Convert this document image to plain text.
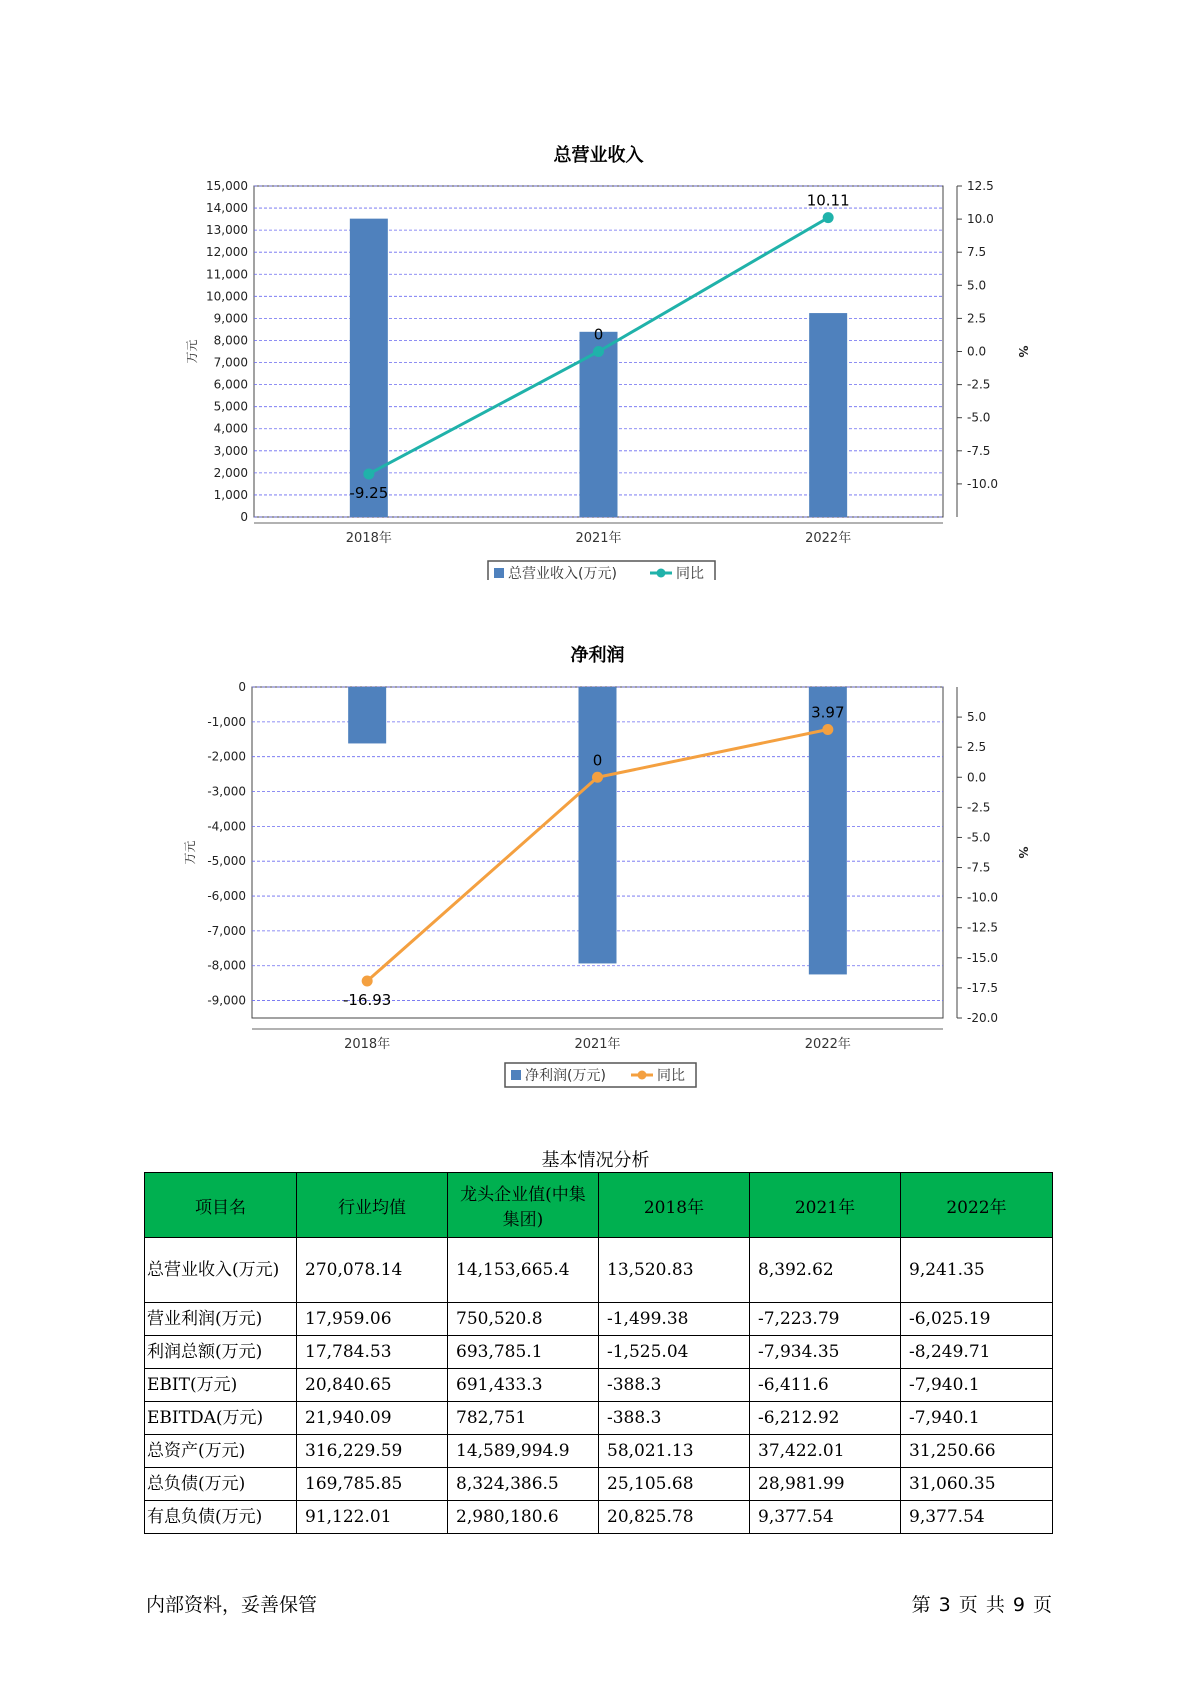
总营业收入
0
1,000
2,000
3,000
4,000
5,000
6,000
7,000
8,000
9,000
10,000
11,000
12,000
13,000
14,000
15,000
-10.0
-7.5
-5.0
-2.5
0.0
2.5
5.0
7.5
10.0
12.5
万元	%
2018年	2021年	2022年
-9.25
0
10.11
总营业收入(万元)	同比
净利润
-9,000
-8,000
-7,000
-6,000
-5,000
-4,000
-3,000
-2,000
-1,000
0
-20.0
-17.5
-15.0
-12.5
-10.0
-7.5
-5.0
-2.5
0.0
2.5
5.0
万元	%
2018年	2021年	2022年
-16.93
0
3.97
净利润(万元)	同比
基本情况分析
项目名	行业均值	龙头企业值(中集集团)	2018年	2021年	2022年
总营业收入(万元)	270,078.14	14,153,665.4	13,520.83	8,392.62	9,241.35
营业利润(万元)	17,959.06	750,520.8	-1,499.38	-7,223.79	-6,025.19
利润总额(万元)	17,784.53	693,785.1	-1,525.04	-7,934.35	-8,249.71
EBIT(万元)	20,840.65	691,433.3	-388.3	-6,411.6	-7,940.1
EBITDA(万元)	21,940.09	782,751	-388.3	-6,212.92	-7,940.1
总资产(万元)	316,229.59	14,589,994.9	58,021.13	37,422.01	31,250.66
总负债(万元)	169,785.85	8,324,386.5	25,105.68	28,981.99	31,060.35
有息负债(万元)	91,122.01	2,980,180.6	20,825.78	9,377.54	9,377.54
内部资料，妥善保管	第 3 页 共 9 页
